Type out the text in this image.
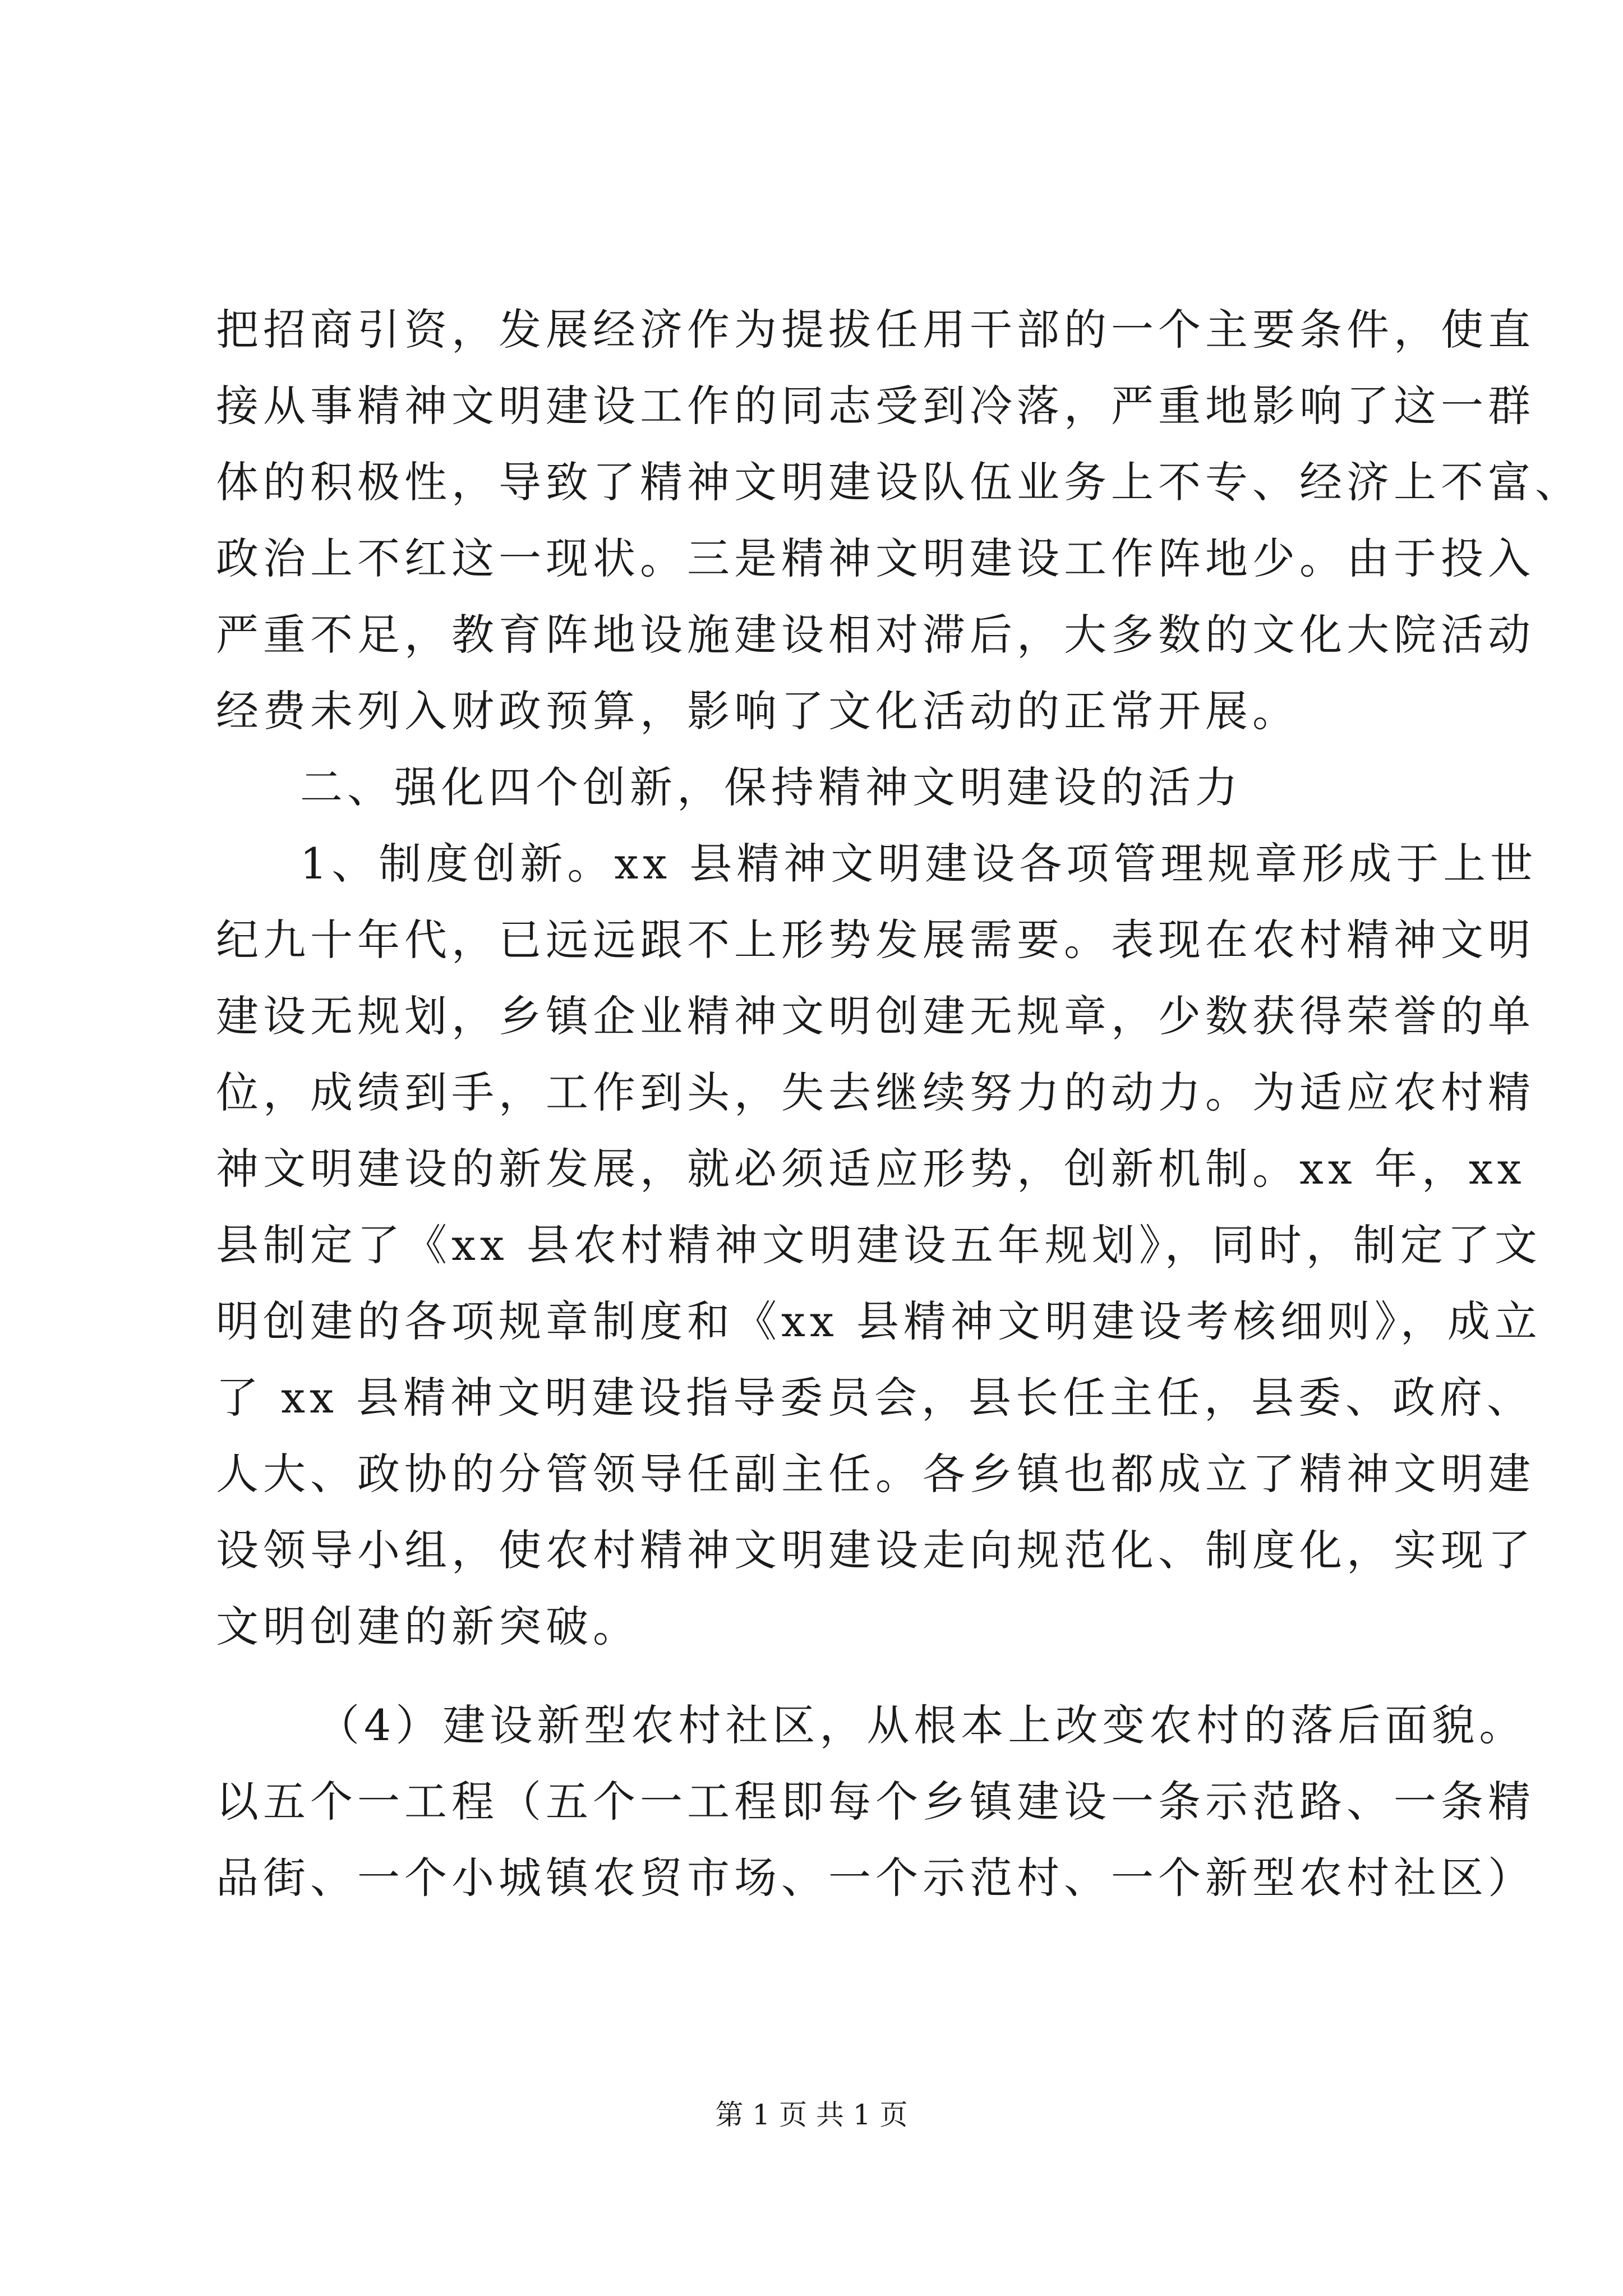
把招商引资，发展经济作为提拔任用干部的一个主要条件，使直
接从事精神文明建设工作的同志受到冷落，严重地影响了这一群
体的积极性，导致了精神文明建设队伍业务上不专、经济上不富、
政治上不红这一现状。三是精神文明建设工作阵地少。由于投入
严重不足，教育阵地设施建设相对滞后，大多数的文化大院活动
经费未列入财政预算，影响了文化活动的正常开展。
二、强化四个创新，保持精神文明建设的活力
1、制度创新。xx 县精神文明建设各项管理规章形成于上世
纪九十年代，已远远跟不上形势发展需要。表现在农村精神文明
建设无规划，乡镇企业精神文明创建无规章，少数获得荣誉的单
位，成绩到手，工作到头，失去继续努力的动力。为适应农村精
神文明建设的新发展，就必须适应形势，创新机制。xx 年，xx
县制定了《xx 县农村精神文明建设五年规划》，同时，制定了文
明创建的各项规章制度和《xx 县精神文明建设考核细则》，成立
了 xx 县精神文明建设指导委员会，县长任主任，县委、政府、
人大、政协的分管领导任副主任。各乡镇也都成立了精神文明建
设领导小组，使农村精神文明建设走向规范化、制度化，实现了
文明创建的新突破。
（4）建设新型农村社区，从根本上改变农村的落后面貌。
以五个一工程（五个一工程即每个乡镇建设一条示范路、一条精
品街、一个小城镇农贸市场、一个示范村、一个新型农村社区）
第 1 页 共 1 页
